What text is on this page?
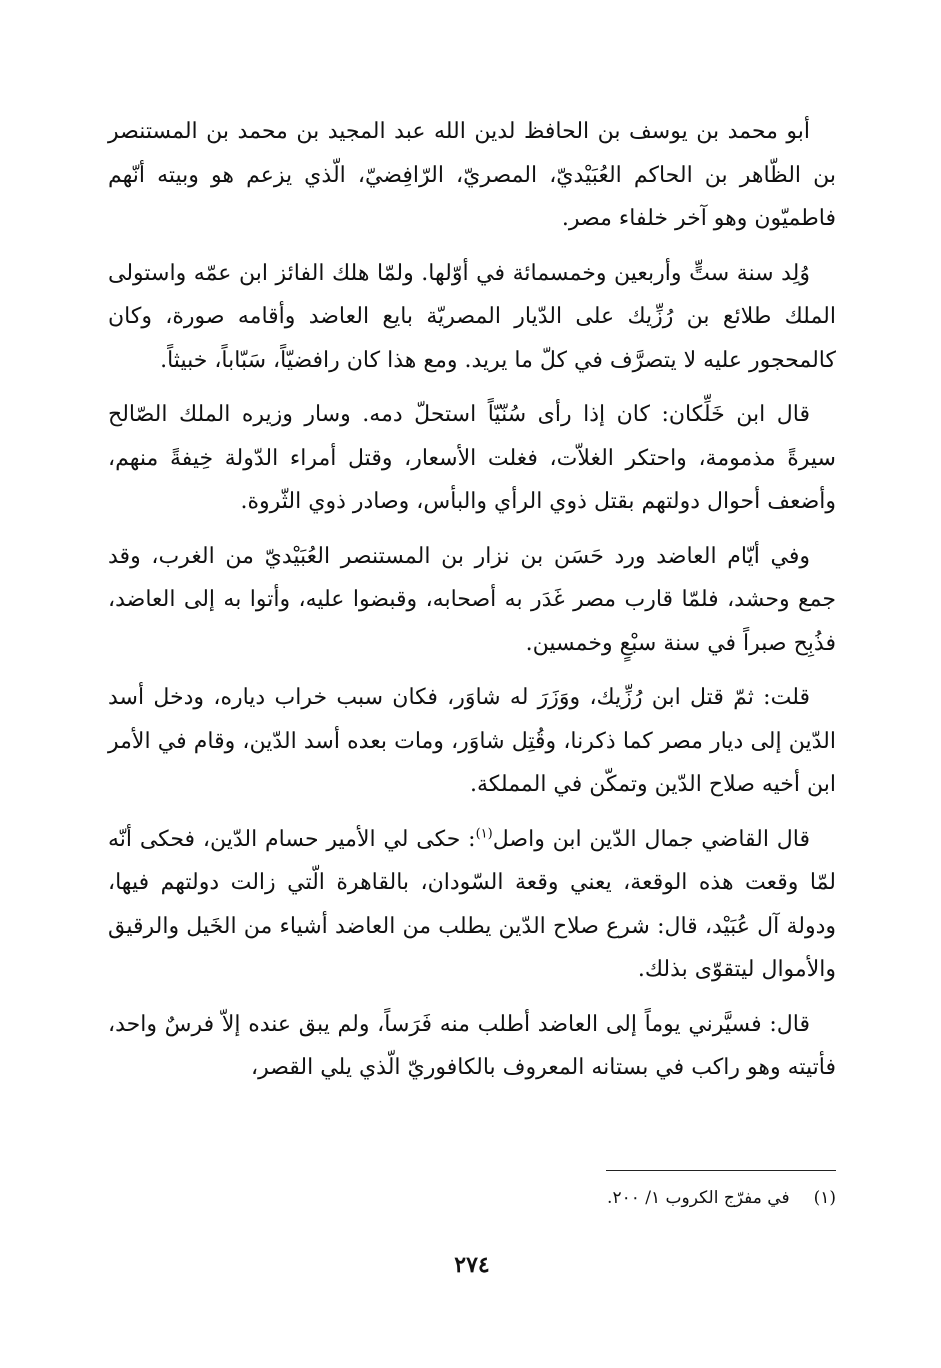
أبو محمد بن يوسف بن الحافظ لدين الله عبد المجيد بن محمد بن المستنصر بن الظّاهر بن الحاكم العُبَيْديّ، المصريّ، الرّافِضيّ، الّذي يزعم هو وبيته أنّهم فاطميّون وهو آخر خلفاء مصر.

وُلِد سنة ستٍّ وأربعين وخمسمائة في أوّلها. ولمّا هلك الفائز ابن عمّه واستولى الملك طلائع بن رُزِّيك على الدّيار المصريّة بايع العاضد وأقامه صورة، وكان كالمحجور عليه لا يتصرَّف في كلّ ما يريد. ومع هذا كان رافضيّاً، سَبّاباً، خبيثاً.

قال ابن خَلِّكان: كان إذا رأى سُنّيّاً استحلّ دمه. وسار وزيره الملك الصّالح سيرةً مذمومة، واحتكر الغلاّت، فغلت الأسعار، وقتل أمراء الدّولة خِيفةً منهم، وأضعف أحوال دولتهم بقتل ذوي الرأي والبأس، وصادر ذوي الثّروة.

وفي أيّام العاضد ورد حَسَن بن نزار بن المستنصر العُبَيْديّ من الغرب، وقد جمع وحشد، فلمّا قارب مصر غَدَر به أصحابه، وقبضوا عليه، وأتوا به إلى العاضد، فذُبِح صبراً في سنة سبْعٍ وخمسين.

قلت: ثمّ قتل ابن رُزِّيك، ووَزَرَ له شاوَر، فكان سبب خراب دياره، ودخل أسد الدّين إلى ديار مصر كما ذكرنا، وقُتِل شاوَر، ومات بعده أسد الدّين، وقام في الأمر ابن أخيه صلاح الدّين وتمكّن في المملكة.

قال القاضي جمال الدّين ابن واصل$^{(١)}$: حكى لي الأمير حسام الدّين، فحكى أنّه لمّا وقعت هذه الوقعة، يعني وقعة السّودان، بالقاهرة الّتي زالت دولتهم فيها، ودولة آل عُبَيْد، قال: شرع صلاح الدّين يطلب من العاضد أشياء من الخَيل والرقيق والأموال ليتقوّى بذلك.

قال: فسيَّرني يوماً إلى العاضد أطلب منه فَرَساً، ولم يبق عنده إلاّ فرسٌ واحد، فأتيته وهو راكب في بستانه المعروف بالكافوريّ الّذي يلي القصر،

(١)في مفرّج الكروب ١/ ٢٠٠.
٢٧٤
